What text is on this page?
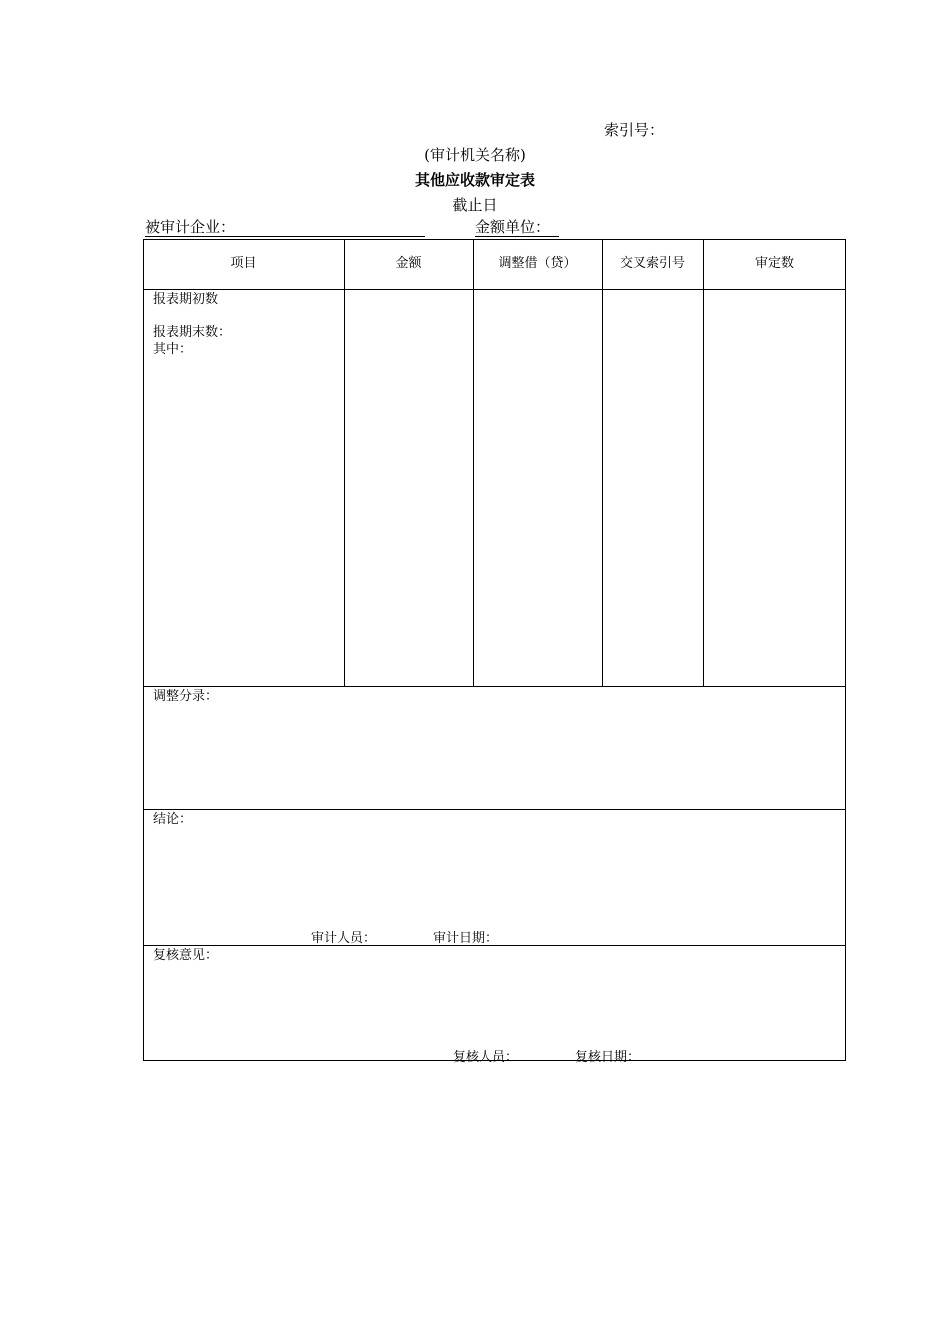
索引号：
(审计机关名称)
其他应收款审定表
截止日
被审计企业：	金额单位：
项目	金额	调整借（贷）	交叉索引号	审定数
报表期初数
报表期末数：
其中：
调整分录：
结论：
审计人员：	审计日期：
复核意见：
复核人员：	复核日期：
